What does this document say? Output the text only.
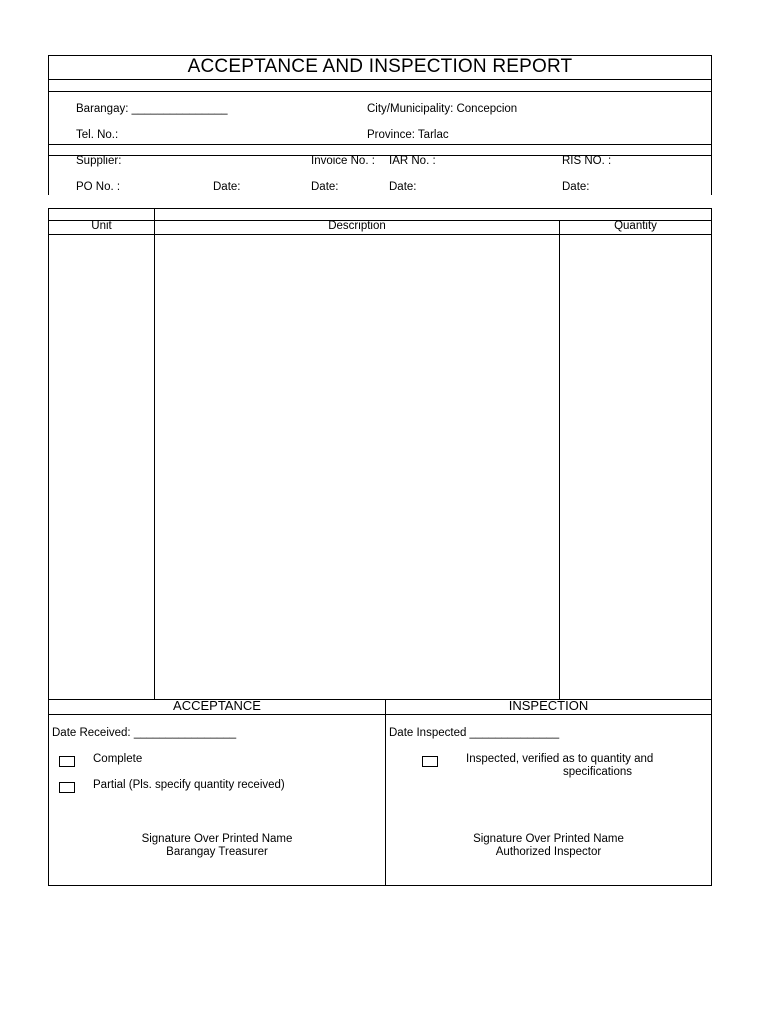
ACCEPTANCE AND INSPECTION REPORT
Barangay: _______________	City/Municipality: Concepcion
Tel. No.:	Province: Tarlac
Supplier:	Invoice No. : IAR No. :	RIS NO. :
PO No. :	Date:	Date:	Date:	Date:
Unit	Description	Quantity
ACCEPTANCE	INSPECTION
Date Received: ________________
Complete
Partial (Pls. specify quantity received)
Signature Over Printed Name
Barangay Treasurer
Date Inspected ______________
Inspected, verified as to quantity and
specifications
Signature Over Printed Name
Authorized Inspector
